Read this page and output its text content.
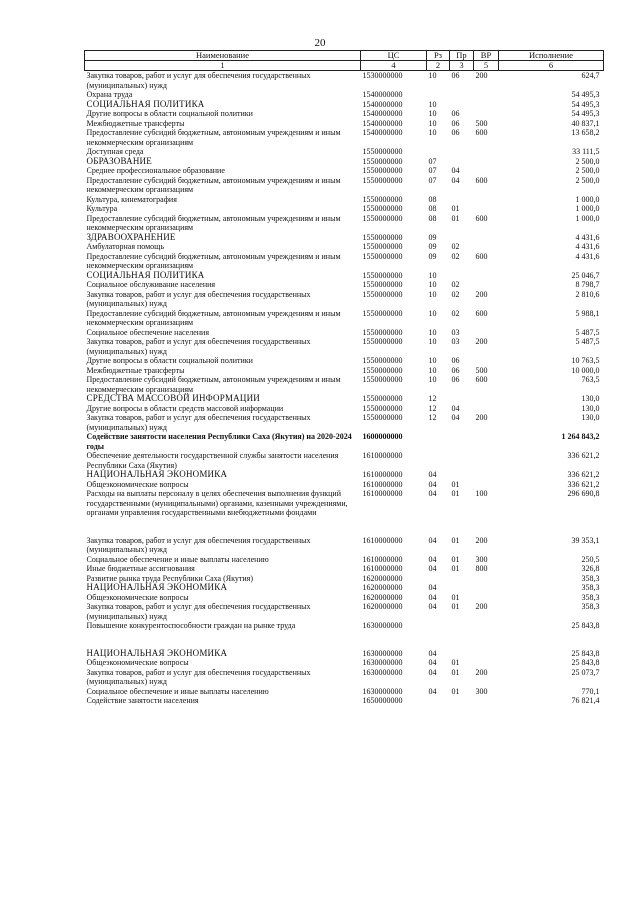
20
Наименование	ЦС	Рз	Пр	ВР	Исполнение
1	4	2	3	5	6
Закупка товаров, работ и услуг для обеспечения государственных (муниципальных) нужд	1530000000	10	06	200	624,7
Охрана труда	1540000000				54 495,3
СОЦИАЛЬНАЯ ПОЛИТИКА	1540000000	10			54 495,3
Другие вопросы в области социальной политики	1540000000	10	06		54 495,3
Межбюджетные трансферты	1540000000	10	06	500	40 837,1
Предоставление субсидий бюджетным, автономным учреждениям и иным некоммерческим организациям	1540000000	10	06	600	13 658,2
Доступная среда	1550000000				33 111,5
ОБРАЗОВАНИЕ	1550000000	07			2 500,0
Среднее профессиональное образование	1550000000	07	04		2 500,0
Предоставление субсидий бюджетным, автономным учреждениям и иным некоммерческим организациям	1550000000	07	04	600	2 500,0
Культура, кинематография	1550000000	08			1 000,0
Культура	1550000000	08	01		1 000,0
Предоставление субсидий бюджетным, автономным учреждениям и иным некоммерческим организациям	1550000000	08	01	600	1 000,0
ЗДРАВООХРАНЕНИЕ	1550000000	09			4 431,6
Амбулаторная помощь	1550000000	09	02		4 431,6
Предоставление субсидий бюджетным, автономным учреждениям и иным некоммерческим организациям	1550000000	09	02	600	4 431,6
СОЦИАЛЬНАЯ ПОЛИТИКА	1550000000	10			25 046,7
Социальное обслуживание населения	1550000000	10	02		8 798,7
Закупка товаров, работ и услуг для обеспечения государственных (муниципальных) нужд	1550000000	10	02	200	2 810,6
Предоставление субсидий бюджетным, автономным учреждениям и иным некоммерческим организациям	1550000000	10	02	600	5 988,1
Социальное обеспечение населения	1550000000	10	03		5 487,5
Закупка товаров, работ и услуг для обеспечения государственных (муниципальных) нужд	1550000000	10	03	200	5 487,5
Другие вопросы в области социальной политики	1550000000	10	06		10 763,5
Межбюджетные трансферты	1550000000	10	06	500	10 000,0
Предоставление субсидий бюджетным, автономным учреждениям и иным некоммерческим организациям	1550000000	10	06	600	763,5
СРЕДСТВА МАССОВОЙ ИНФОРМАЦИИ	1550000000	12			130,0
Другие вопросы в области средств массовой информации	1550000000	12	04		130,0
Закупка товаров, работ и услуг для обеспечения государственных (муниципальных) нужд	1550000000	12	04	200	130,0
Содействие занятости населения Республики Саха (Якутия) на 2020-2024 годы	1600000000				1 264 843,2
Обеспечение деятельности государственной службы занятости населения Республики Саха (Якутия)	1610000000				336 621,2
НАЦИОНАЛЬНАЯ ЭКОНОМИКА	1610000000	04			336 621,2
Общеэкономические вопросы	1610000000	04	01		336 621,2
Расходы на выплаты персоналу в целях обеспечения выполнения функций государственными (муниципальными) органами, казенными учреждениями, органами управления государственными внебюджетными фондами	1610000000	04	01	100	296 690,8

Закупка товаров, работ и услуг для обеспечения государственных (муниципальных) нужд	1610000000	04	01	200	39 353,1
Социальное обеспечение и иные выплаты населению	1610000000	04	01	300	250,5
Иные бюджетные ассигнования	1610000000	04	01	800	326,8
Развитие рынка труда Республики Саха (Якутия)	1620000000				358,3
НАЦИОНАЛЬНАЯ ЭКОНОМИКА	1620000000	04			358,3
Общеэкономические вопросы	1620000000	04	01		358,3
Закупка товаров, работ и услуг для обеспечения государственных (муниципальных) нужд	1620000000	04	01	200	358,3
Повышение конкурентоспособности граждан на рынке труда	1630000000				25 843,8

НАЦИОНАЛЬНАЯ ЭКОНОМИКА	1630000000	04			25 843,8
Общеэкономические вопросы	1630000000	04	01		25 843,8
Закупка товаров, работ и услуг для обеспечения государственных (муниципальных) нужд	1630000000	04	01	200	25 073,7
Социальное обеспечение и иные выплаты населению	1630000000	04	01	300	770,1
Содействие занятости населения	1650000000				76 821,4
